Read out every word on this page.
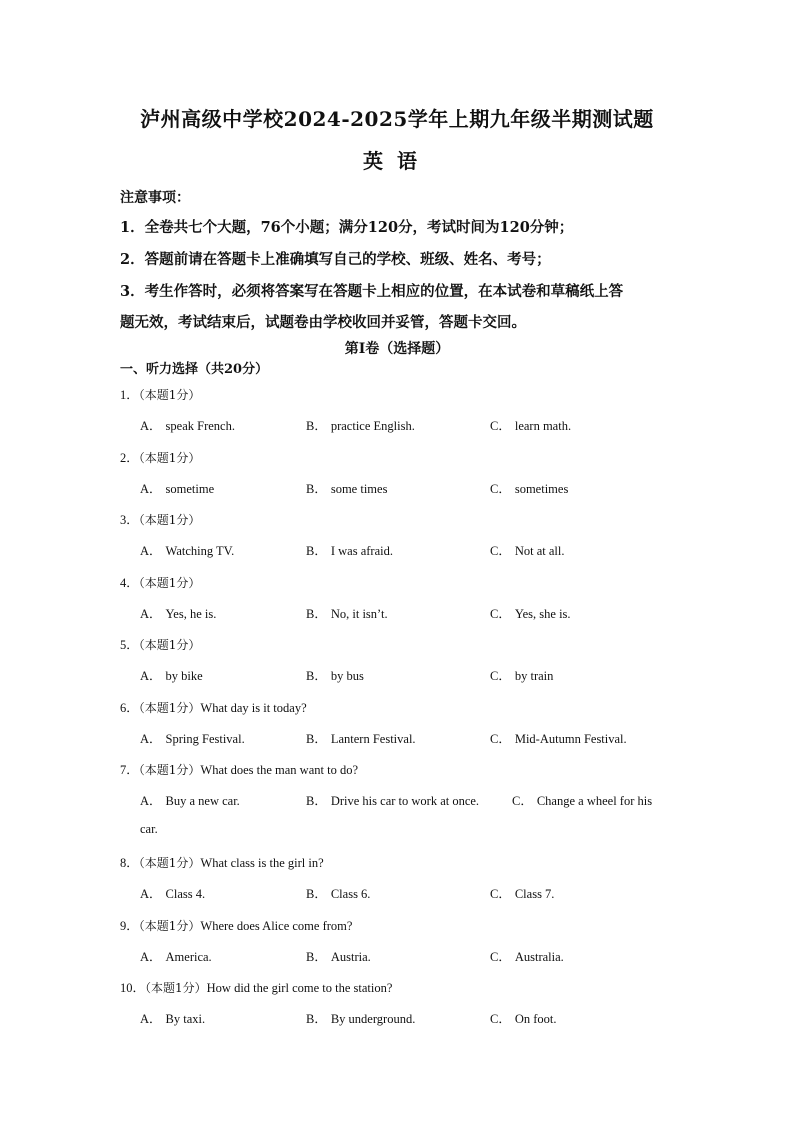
泸州高级中学校2024-2025学年上期九年级半期测试题
英语
注意事项：
1．全卷共七个大题，76个小题；满分120分，考试时间为120分钟；
2．答题前请在答题卡上准确填写自己的学校、班级、姓名、考号；
3．考生作答时，必须将答案写在答题卡上相应的位置，在本试卷和草稿纸上答
题无效，考试结束后，试题卷由学校收回并妥管，答题卡交回。
第Ⅰ卷（选择题）
一、听力选择（共20分）
1．（本题1分）
A． speak French.	B． practice English.	C． learn math.
2．（本题1分）
A． sometime	B． some times	C． sometimes
3．（本题1分）
A． Watching TV.	B． I was afraid.	C． Not at all.
4．（本题1分）
A． Yes, he is.	B． No, it isn’t.	C． Yes, she is.
5．（本题1分）
A． by bike	B． by bus	C． by train
6．（本题1分）What day is it today?
A． Spring Festival.	B． Lantern Festival.	C． Mid-Autumn Festival.
7．（本题1分）What does the man want to do?
A． Buy a new car.	B． Drive his car to work at once.	C． Change a wheel for his
car.
8．（本题1分）What class is the girl in?
A． Class 4.	B． Class 6.	C． Class 7.
9．（本题1分）Where does Alice come from?
A． America.	B． Austria.	C． Australia.
10．（本题1分）How did the girl come to the station?
A． By taxi.	B． By underground.	C． On foot.
